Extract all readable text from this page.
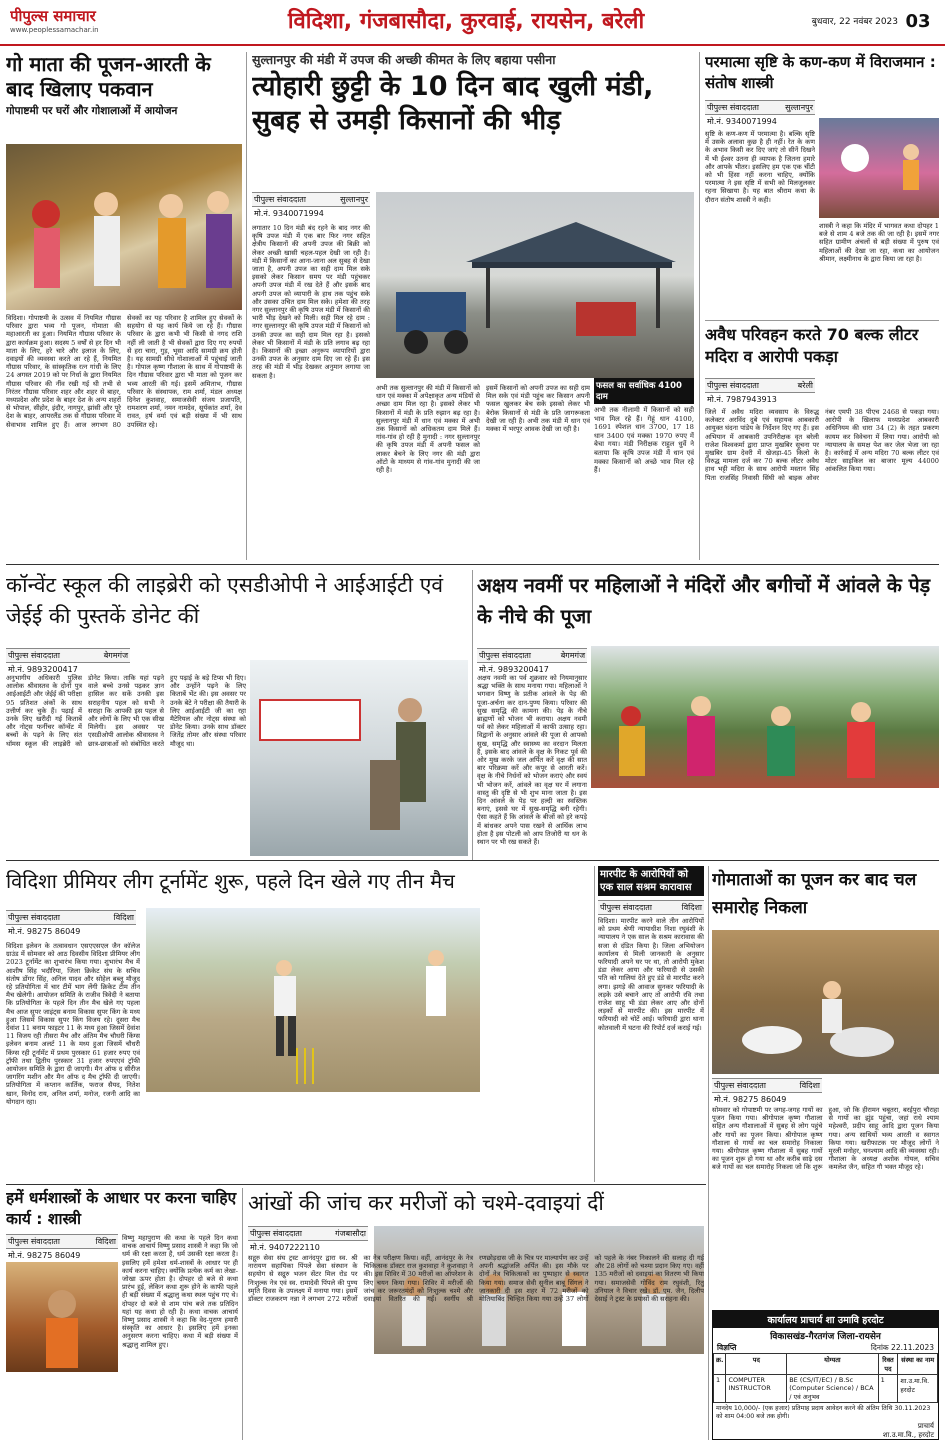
पीपुल्स समाचार
www.peoplessamachar.in	विदिशा, गंजबासौदा, कुरवाई, रायसेन, बरेली	बुधवार, 22 नवंबर 2023 03
गो माता की पूजन-आरती के बाद खिलाए पकवान
गोपाष्टमी पर घरों और गोशालाओं में आयोजन
विदिशा। गोपाष्टमी के उत्सव में नियमित गौग्रास परिवार द्वारा भव्य गो पूजन, गोमाता की महाआरती का हुआ। नियमित गौग्रास परिवार के द्वारा कार्यक्रम हुआ। सदस्य 5 वर्षों से हर दिन भी माता के लिए, हरे चारे और इलाज के लिए, दवाइयों की व्यवस्था करते आ रहे हैं, नियमित गौग्रास परिवार, के सांस्कृतिक रत्न गांधी के लिए 24 अगस्त 2019 को पर निर्धा के द्वारा नियमित गौग्रास परिवार की नींव रखी गई थी तभी से निरंतर गौग्रास परिवार शहर और शहर से बाहर, मध्यप्रदेश और प्रदेश के बाहर देश के अन्य शहरों से भोपाल, सीहोर, इंदौर, नागपुर, झांसी और पूरे देश के बाहर, आयरलैंड तक से गौग्रास परिवार में सेवाभाव शामिल हुए हैं। आज लगभग 80 सेवकों का यह परिवार है शामिल हुए सेवकों के सहयोग से यह कार्य किये जा रहे हैं। गौग्रास परिवार के द्वारा कभी भी किसी से नगद राशि नहीं ली जाती है भी सेवकों द्वारा दिए गए रुपयों से हरा चारा, गुड़, भूसा आदि सामग्री क्रय होती है। यह सामग्री सीधे गोशालाओं में पहुंचाई जाती है। गोपाल कृष्ण गौशाला के साथ में गोपाष्टमी के दिन गौग्रास परिवार द्वारा भी माता को पूजन कर भव्य आरती की गई। इसमें अमिताभ, गौग्रास परिवार के संस्थापक, राम शर्मा, मंडल अध्यक्ष दिनेश कुशवाह, समाजसेवी संजय प्रजापति, रामशरण शर्मा, नमन नामदेव, सूर्यकांत शर्मा, देव रावत, हर्ष वर्मा एवं बड़ी संख्या में भी साथ उपस्थित रहे।
सुल्तानपुर की मंडी में उपज की अच्छी कीमत के लिए बहाया पसीना
त्योहारी छुट्टी के 10 दिन बाद खुली मंडी, सुबह से उमड़ी किसानों की भीड़
पीपुल्स संवाददाता	सुल्तानपुर
मो.नं. 9340071994
लगातार 10 दिन मंडी बंद रहने के बाद नगर की कृषि उपज मंडी में एक बार फिर नगर सहित क्षेत्रीय किसानों की अपनी उपज की बिक्री को लेकर अच्छी खासी चहल-पहल देखी जा रही है। मंडी में किसानों का आना-जाना अल सुबह से देखा जाता है, अपनी उपज का सही दाम मिल सके इसको लेकर किसान समय पर मंडी पहुंचकर अपनी उपज मंडी में रख देते हैं और इसके बाद अपनी उपज को व्यापारी के हाथ तक पहुंच सके और उसका उचित दाम मिल सके। हमेशा की तरह नगर सुल्तानपुर की कृषि उपज मंडी में किसानों की भारी भीड़ देखने को मिली। सही मिल रहे दाम : नगर सुल्तानपुर की कृषि उपज मंडी में किसानों को उनकी उपज का सही दाम मिल रहा है। इसको लेकर भी किसानों में मंडी के प्रति लगाव बढ़ रहा है। किसानों की इच्छा अनुरूप व्यापारियों द्वारा उनकी उपज के अनुसार दाम दिए जा रहे हैं। इस तरह की मंडी में भीड़ देखकर अनुमान लगाया जा सकता है।
अभी तक सुल्तानपुर की मंडी में किसानों को धान एवं मक्का में अपेक्षाकृत अन्य मंडियों से अच्छा दाम मिल रहा है। इसको लेकर भी किसानों में मंडी के प्रति रुझान बढ़ रहा है। सुल्तानपुर मंडी में धान एवं मक्का में अभी तक किसानों को अधिकतम दाम मिले हैं। गांव-गांव हो रही है मुनादी : नगर सुल्तानपुर की कृषि उपज मंडी में अपनी फसल को लाकर बेचने के लिए नगर की मंडी द्वारा ऑटो के माध्यम से गांव-गांव मुनादी की जा रही है।
इसमें किसानों को अपनी उपज का सही दाम मिल सके एवं मंडी पहुंच कर किसान अपनी फसल खुलकर बेच सके इसको लेकर भी बेरोक किसानों से मंडी के प्रति जागरूकता देखी जा रही है। अभी तक मंडी में धान एवं मक्का में भरपूर आवक देखी जा रही है।
फसल का सर्वाधिक 4100 दाम
अभी तक नीलामी में किसानों को सही भाव मिल रहे हैं। गेहूं धान 4100, 1691 स्पेशल धान 3700, 17 18 धान 3400 एवं मक्का 1970 रुपए में बेचा गया। मंडी निरीक्षक राहुल धुर्वे ने बताया कि कृषि उपज मंडी में धान एवं मक्का किसानों को अच्छे भाव मिल रहे हैं।
परमात्मा सृष्टि के कण-कण में विराजमान : संतोष शास्त्री
पीपुल्स संवाददाता	सुल्तानपुर
मो.नं. 9340071994
सृष्टि के कण-कण में परमात्मा है। बल्कि सृष्टि में उसके अलावा कुछ है ही नहीं। रेत के कण के अभाव किसी कर दिए जाएं तो सीनें दिखने में भी ईश्वर उतना ही व्यापक है जितना हमारे और आपके भीतर। इसलिए हम एक एक चींटी को भी हिंसा नहीं करना चाहिए, क्योंकि परमात्मा ने इस सृष्टि में सभी को मिलजुलकर रहना सिखाया है। यह बात श्रीराम कथा के दौरान संतोष शास्त्री ने कही।
शास्त्री ने कहा कि मंदिर में भागवत कथा दोपहर 1 बजे से शाम 4 बजे तक की जा रही है। इसमें नगर सहित ग्रामीण अंचलों से बड़ी संख्या में पुरुष एवं महिलाओं की देखा जा रहा, कथा का आयोजन श्रीमान, लक्ष्मीनाथ के द्वारा किया जा रहा है।
अवैध परिवहन करते 70 बल्क लीटर मदिरा व आरोपी पकड़ा
पीपुल्स संवाददाता	बरेली
मो.नं. 7987943913
जिले में अवैध मदिरा व्यवसाय के विरुद्ध कलेक्टर अरविंद दुबे एवं सहायक आबकारी आयुक्त घंदना पांडेय के निर्देशन दिए गए हैं। इस अभियान में आबकारी उपनिरीक्षक वृत बरेली राजेश विश्वकर्मा द्वारा प्राप्त मुखबिर सूचना पर मुखबिर ग्राम देवरी में खेजड़ा-45 किलो के विरुद्ध मामला दर्ज कर 70 बल्क लीटर अवैध हाथ भट्टी मदिरा के साथ आरोपी मस्तान सिंह पिता राजसिंह निवासी सिंघी को बाइक ओवर नंबर एमपी 38 पीएच 2468 से पकड़ा गया। आरोपी के खिलाफ मध्यप्रदेश आबकारी अधिनियम की धारा 34 (2) के तहत प्रकरण कायम कर विवेचना में लिया गया। आरोपी को न्यायालय के समक्ष पेश कर जेल भेजा जा रहा है। कार्रवाई में अन्य मदिरा 70 बल्क लीटर एवं मोटर साइकिल का बाजार मूल्य 44000 आंकलित किया गया।
कॉन्वेंट स्कूल की लाइब्रेरी को एसडीओपी ने आईआईटी एवं जेईई की पुस्तकें डोनेट कीं
पीपुल्स संवाददाता	बेगमगंज
मो.नं. 9893200417
अनुभागीय अधिकारी पुलिस आलोक श्रीवास्तव के दोनों पुत्र आईआईटी और जेईई की परीक्षा 95 प्रतिशत अंकों के साथ उत्तीर्ण कर चुके हैं। पढ़ाई में उनके लिए खरीदी गई किताबें और नोट्स फर्नीचर कॉन्वेंट में बच्चों के पढ़ने के लिए संत थॉमस स्कूल की लाइब्रेरी को डोनेट किया। ताकि यहां पढ़ने वाले बच्चे उनसे पढ़कर ज्ञान हासिल कर सकें उनकी इस सराहनीय पहल को सभी ने सराहा कि आपकी इस पहल से और लोगों के लिए भी एक सीख मिलेगी। इस अवसर पर एसडीओपी आलोक श्रीवास्तव ने छात्र-छात्राओं को संबोधित करते हुए पढ़ाई के बड़े टिप्स भी दिए। और उन्होंने पढ़ने के लिए किताबें भेंट की। इस अवसर पर उनके बेटे ने परीक्षा की तैयारी के लिए आईआईटी जी का रहा मैटेरियल और नोट्स संस्था को डोनेट किया। उनके साथ डॉक्टर जितेंद्र तोमर और संस्था परिवार मौजूद था।
अक्षय नवमीं पर महिलाओं ने मंदिरों और बगीचों में आंवले के पेड़ के नीचे की पूजा
पीपुल्स संवाददाता	बेगमगंज
मो.नं. 9893200417
अक्षय नवमी का पर्व शुक्रवार को नियमानुसार श्रद्धा भक्ति के साथ मनाया गया। महिलाओं ने भगवान विष्णु के प्रतीक आंवले के पेड़ की पूजा-अर्चना कर दान-पुण्य किया। परिवार की सुख समृद्धि की कामना की। पेड़ के नीचे ब्राह्मणों को भोजन भी कराया। अक्षय नवमी पर्व को लेकर महिलाओं में काफी उत्साह रहा। विद्वानों के अनुसार आंवले की पूजा से आपको सुख, समृद्धि और स्वास्थ्य का वरदान मिलता है, इसके बाद आंवले के वृक्ष के निकट पूर्व की ओर मुख करके जल अर्पित करें वृक्ष की सात बार परिक्रमा करें और कपूर से आरती करें। वृक्ष के नीचे निर्धनों को भोजन कराएं और स्वयं भी भोजन करें, आंवले का वृक्ष घर में लगाना वास्तु की दृष्टि से भी शुभ माना जाता है। इस दिन आंवले के पेड़ पर हल्दी का स्वस्तिक बनाएं, इससे घर में सुख-समृद्धि बनी रहेगी। ऐसा कहते हैं कि आंवले के बीजों को हरे कपड़े में बांधकर अपने पास रखने से आर्थिक लाभ होता है इस पोटली को आप तिजोरी या धन के स्थान पर भी रख सकते हैं।
विदिशा प्रीमियर लीग टूर्नामेंट शुरू, पहले दिन खेले गए तीन मैच
पीपुल्स संवाददाता	विदिशा
मो.नं. 98275 86049
विदिशा इलेवन के तत्वावधान एसएएसएल जैन कॉलेज ग्राउंड में सोमवार को आठ दिवसीय विदिशा प्रीमियर लीग 2023 टूर्नामेंट का शुभारंभ किया गया। शुभारंभ मैच में आशीष सिंह भदौरिया, जिला क्रिकेट संघ के सचिव संतोष डोंगर सिंह, अनिल यादव और सोहेल बब्लू मौजूद रहे प्रतियोगिता में चार टीमें भाग लेंगी क्रिकेट टीम तीन मैच खेलेगी। आयोजन समिति के राजीव त्रिवेदी ने बताया कि प्रतियोगिता के पहले दिन तीन मैच खेले गए पहला मैच आज सुपर जाइंट्स बनाम विकास सुपर किंग के मध्य हुआ जिसमें विकास सुपर किंग विजय रहे। दूसरा मैच देवांश 11 बनाम फाइटर 11 के मध्य हुआ जिसमें देवांश 11 विजय रही तीसरा मैच और अंतिम मैच चौधरी किंग्स इलेवन बनाम अलर्ट 11 के मध्य हुआ जिसमें चौधरी किंग्स रही टूर्नामेंट में प्रथम पुरस्कार 61 हजार रुपए एवं ट्रॉफी तथा द्वितीय पुरस्कार 31 हजार रुपएएवं ट्रॉफी आयोजन समिति के द्वारा दी जाएगी। मैन ऑफ द सीरीज जागरिंग मशीन और मैन ऑफ द मैच ट्रॉफी दी जाएगी। प्रतियोगिता में कप्तान कार्तिक, फराज सैयद, नितेश खान, विनोद राय, अनिल शर्मा, मनोज, रजनी आदि का योगदान रहा।
मारपीट के आरोपियों को एक साल सश्रम कारावास
पीपुल्स संवाददाता	विदिशा
विदिशा। मारपीट करने वाले तीन आरोपियों को प्रथम श्रेणी न्यायाधीश निशा रघुवंशी के न्यायालय ने एक साल के सश्रम कारावास की सजा से दंडित किया है। जिला अभियोजन कार्यालय से मिली जानकारी के अनुसार फरियादी अपने घर पर था, तो आरोपी मुकेश डंडा लेकर आया और फरियादी से उसकी पति को गालियां देते हुए डंडे से मारपीट करने लगा। झगड़े की आवाज सुनकर फरियादी के लड़के उसे बचाने आए तो आरोपी रवि तथा राजेश साहू भी डंडा लेकर आए और दोनों लड़कों से मारपीट की। इस मारपीट में फरियादी को चोटें आई। फरियादी द्वारा थाना कोतवाली में घटना की रिपोर्ट दर्ज कराई गई।
गोमाताओं का पूजन कर बाद चल समारोह निकला
पीपुल्स संवाददाता	विदिशा
मो.नं. 98275 86049
सोमवार को गोपाष्टमी पर जगह-जगह गायों का पूजन किया गया। श्रीगोपाल कृष्ण गौशाला सहित अन्य गौशालाओं में सुबह से लोग पहुंचे और गायों का पूजन किया। श्रीगोपाल कृष्ण गौशाला से गायों का चल समारोह निकाला गया। श्रीगोपाल कृष्ण गौशाला में सुबह गायों का पूजन शुरू हो गया था और करीब साढ़े दस बजे गायों का चल समारोह निकला जो कि शुरू हुआ, जो कि हीरामन चबूतरा, बरईपुरा चौराहा से गायों का झुंड पहुंचा, जहां राधे श्याम महेश्वरी, प्रदीप साहू आदि द्वारा पूजन किया गया। अन्य साथियों भव्य आरती व स्वागत किया गया। खरीफाटक पर मौजूद लोगों ने मुरली मनोहर, घनश्याम आदि की व्यवस्था रही। गौशाला के अध्यक्ष अशोक गोयल, सचिव कमलेश जैन, सहित गौ भक्त मौजूद रहे।
हमें धर्मशास्त्रों के आधार पर करना चाहिए कार्य : शास्त्री
पीपुल्स संवाददाता	विदिशा
मो.नं. 98275 86049
विष्णु महापुराण की कथा के पहले दिन कथा वाचक आचार्य विष्णु प्रसाद शास्त्री ने कहा कि जो धर्म की रक्षा करता है, धर्म उसकी रक्षा करता है। इसलिए हमें हमेशा धर्म-शास्त्रों के आधार पर ही कार्य करना चाहिए। क्योंकि प्रत्येक कर्म का लेखा-जोखा ऊपर होता है। दोपहर दो बजे से कथा प्रारंभ हुई, लेकिन कथा शुरू होने के काफी पहले ही बड़ी संख्या में श्रद्धालु कथा स्थल पहुंच गए थे। दोपहर दो बजे से शाम पांच बजे तक प्रतिदिन यहां यह कथा हो रही है। कथा वाचक आचार्य विष्णु प्रसाद शास्त्री ने कहा कि वेद-पुराण हमारी संस्कृति का आधार है। इसलिए हमें इनका अनुसरण करना चाहिए। कथा में बड़ी संख्या में श्रद्धालु शामिल हुए।
आंखों की जांच कर मरीजों को चश्मे-दवाइयां दीं
पीपुल्स संवाददाता	गंजबासौदा
मो.नं. 9407222110
सद्गुरु सेवा संघ ट्रस्ट आनंदपुर द्वारा स्व. श्री नारायण सहायिका पिंपले सेवा संस्थान के सहयोग से सद्गुरु भजन सेंटर मिल रोड पर निःशुल्क नेत्र एवं स्व. रामादेवी पिंपले की पुण्य स्मृति दिवस के उपलक्ष्य में मनाया गया। इसमें डॉक्टर राजकरण नन्ना ने लगभग 272 मरीजों का नेत्र परीक्षण किया। वहीं, आनंदपुर के नेत्र चिकित्सक डॉक्टर राज कुशवाहा ने कुशवाहा ने की। इस शिविर में 30 मरीजों का ऑपरेशन के लिए चयन किया गया। शिविर में मरीजों की जांच कर जरूरतमंदों को निःशुल्क चश्मे और दवाइयां वितरित की गईं। स्वर्गीय श्री रणछोड़दास जी के चित्र पर माल्यार्पण कर उन्हें अपनी श्रद्धांजलि अर्पित की। इस मौके पर दोनों नेत्र चिकित्सकों का पुष्पाहार से स्वागत किया गया। समाज सेवी सुनील बाबू सिंगल ने जानकारी दी इस शहर में 72 मरीजों को मोतियाबिंद चिन्हित किया गया उन्हें 37 लोगों को पहले के नंबर निकालने की सलाह दी गई और 28 लोगों को चश्मा प्रदान किए गए। वहीं 135 मरीजों को दवाइयां का वितरण भी किया गया। समाजसेवी गोविंद राम रघुवंशी, रितु उनियाल ने विचार रखे। डॉ. एम. जैन, दिलीप देसाई ने ट्रस्ट के प्रयासों की सराहना की।
कार्यालय प्राचार्य शा उमावि हरदोट
विकासखंड-गैरतगंज जिला-रायसेन
विज्ञप्ति	दिनांक 22.11.2023
क्र.	पद	योग्यता	रिक्त पद	संस्था का नाम
1	COMPUTER INSTRUCTOR	BE (CS/IT/EC) / B.Sc (Computer Science) / BCA / एवं अनुभव	1	शा.उ.मा.वि. हरदोट
मानदेय 10,000/- (एक हजार) प्रतिमाह प्रदाय आवेदन करने की अंतिम तिथि 30.11.2023 को शाम 04:00 बजे तक होगी।
प्राचार्य
शा.उ.मा.वि., हरदोट
